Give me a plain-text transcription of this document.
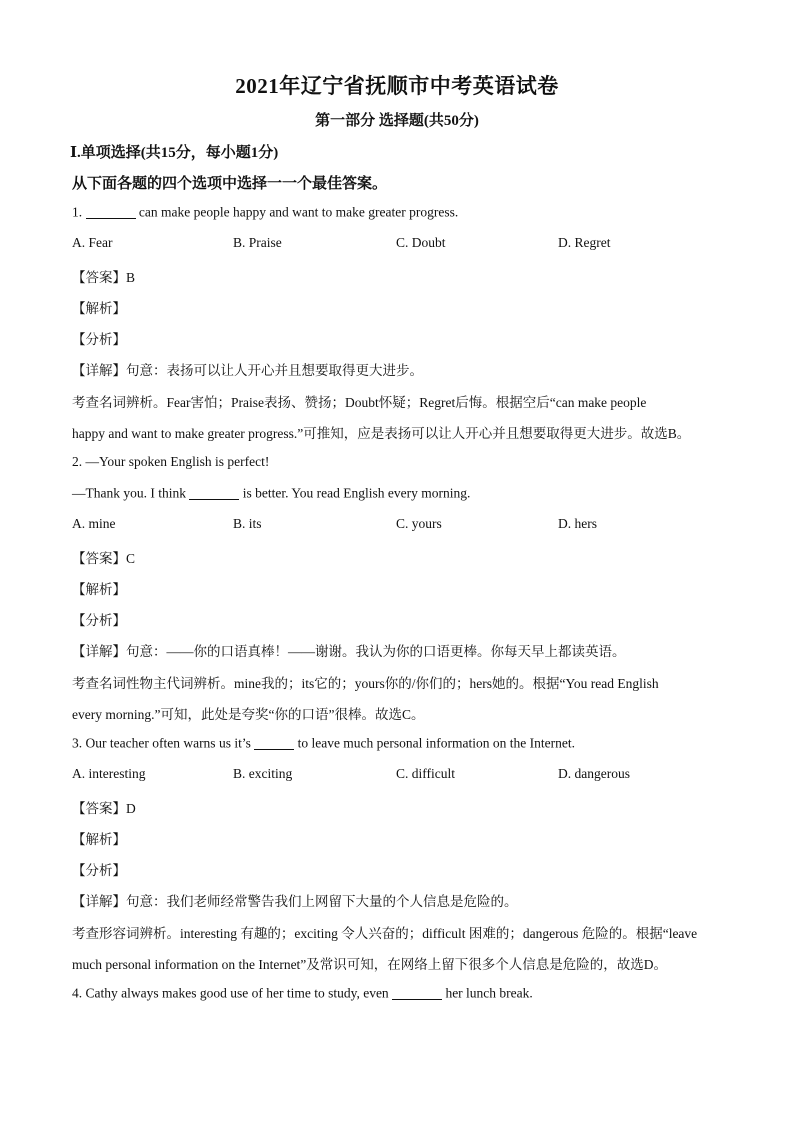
2021年辽宁省抚顺市中考英语试卷
第一部分 选择题(共50分)
Ⅰ.单项选择(共15分，每小题1分)
从下面各题的四个选项中选择一一个最佳答案。
1.	can make people happy and want to make greater progress.
A. Fear	B. Praise	C. Doubt	D. Regret
【答案】B
【解析】
【分析】
【详解】句意：表扬可以让人开心并且想要取得更大进步。
考查名词辨析。Fear害怕；Praise表扬、赞扬；Doubt怀疑；Regret后悔。根据空后“can make people
happy and want to make greater progress.”可推知，应是表扬可以让人开心并且想要取得更大进步。故选B。
2. —Your spoken English is perfect!
—Thank you. I think	is better. You read English every morning.
A. mine	B. its	C. yours	D. hers
【答案】C
【解析】
【分析】
【详解】句意：——你的口语真棒！——谢谢。我认为你的口语更棒。你每天早上都读英语。
考查名词性物主代词辨析。mine我的；its它的；yours你的/你们的；hers她的。根据“You read English
every morning.”可知，此处是夸奖“你的口语”很棒。故选C。
3. Our teacher often warns us it’s	to leave much personal information on the Internet.
A. interesting	B. exciting	C. difficult	D. dangerous
【答案】D
【解析】
【分析】
【详解】句意：我们老师经常警告我们上网留下大量的个人信息是危险的。
考查形容词辨析。interesting 有趣的；exciting 令人兴奋的；difficult 困难的；dangerous 危险的。根据“leave
much personal information on the Internet”及常识可知，在网络上留下很多个人信息是危险的，故选D。
4. Cathy always makes good use of her time to study, even	her lunch break.
